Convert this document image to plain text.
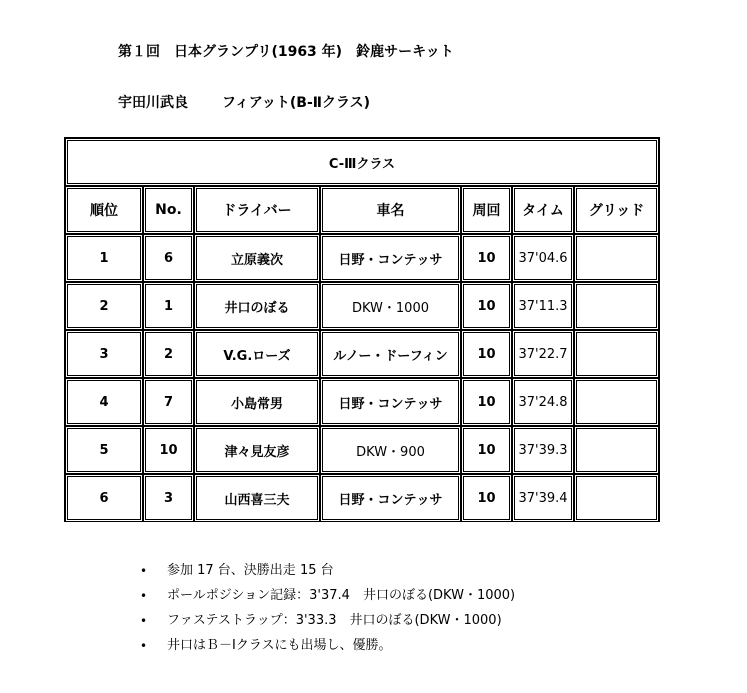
第１回　日本グランプリ(1963 年)　鈴鹿サーキット
宇田川武良 フィアット(B-Ⅱクラス)
C-Ⅲクラス						
順位	No.	ドライバー	車名	周回	タイム	グリッド
1	6	立原義次	日野・コンテッサ	10	37'04.6	
2	1	井口のぼる	DKW・1000	10	37'11.3	
3	2	V.G.ローズ	ルノー・ドーフィン	10	37'22.7	
4	7	小島常男	日野・コンテッサ	10	37'24.8	
5	10	津々見友彦	DKW・900	10	37'39.3	
6	3	山西喜三夫	日野・コンテッサ	10	37'39.4	
• 参加 17 台、決勝出走 15 台
• ポールポジション記録：3'37.4　井口のぼる(DKW・1000)
• ファステストラップ：3'33.3　井口のぼる(DKW・1000)
• 井口はＢ－Ⅰクラスにも出場し、優勝。
